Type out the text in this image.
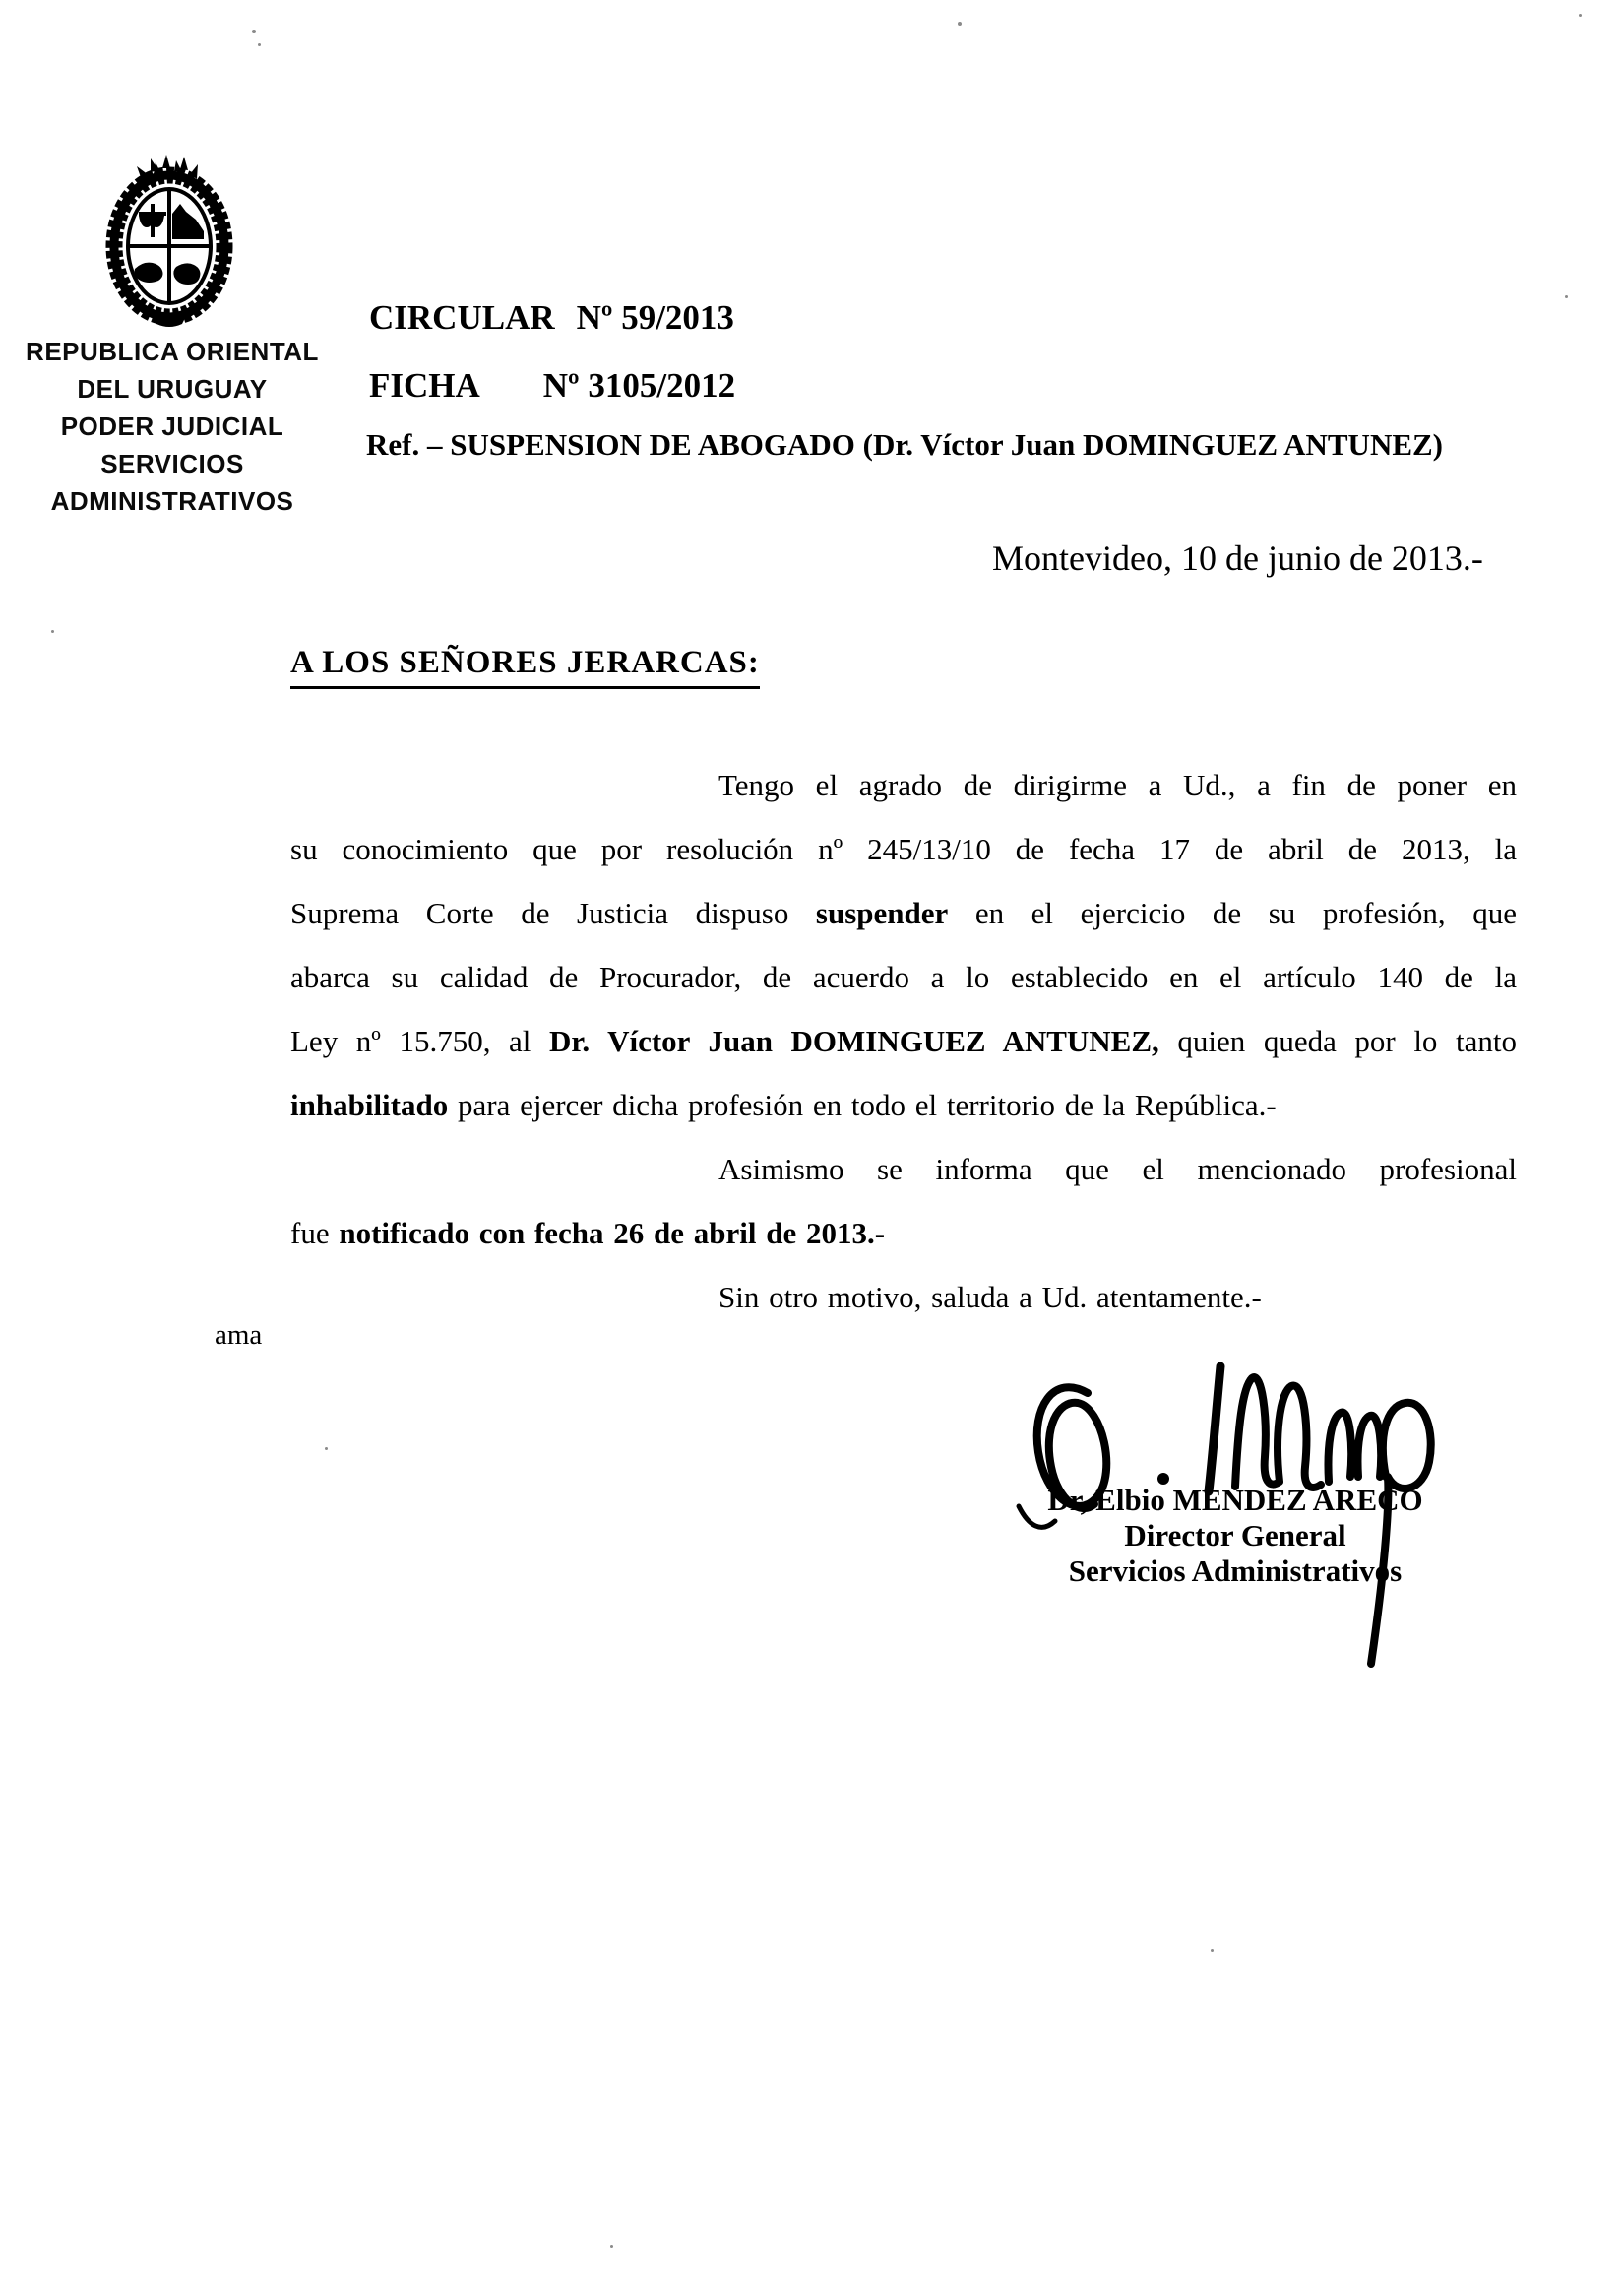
REPUBLICA ORIENTAL
DEL URUGUAY
PODER JUDICIAL
SERVICIOS
ADMINISTRATIVOS
CIRCULAR Nº 59/2013
FICHA Nº 3105/2012
Ref. – SUSPENSION DE ABOGADO (Dr. Víctor Juan DOMINGUEZ ANTUNEZ)
Montevideo, 10 de junio de 2013.-
A LOS SEÑORES JERARCAS:
Tengo el agrado de dirigirme a Ud., a fin de poner en
su conocimiento que por resolución nº 245/13/10 de fecha 17 de abril de 2013, la
Suprema Corte de Justicia dispuso suspender en el ejercicio de su profesión, que
abarca su calidad de Procurador, de acuerdo a lo establecido en el artículo 140 de la
Ley nº 15.750, al Dr. Víctor Juan DOMINGUEZ ANTUNEZ, quien queda por lo tanto
inhabilitado para ejercer dicha profesión en todo el territorio de la República.-
Asimismo se informa que el mencionado profesional
fue notificado con fecha 26 de abril de 2013.-
Sin otro motivo, saluda a Ud. atentamente.-
ama
Dr, Elbio MENDEZ ARECO
Director General
Servicios Administrativos
